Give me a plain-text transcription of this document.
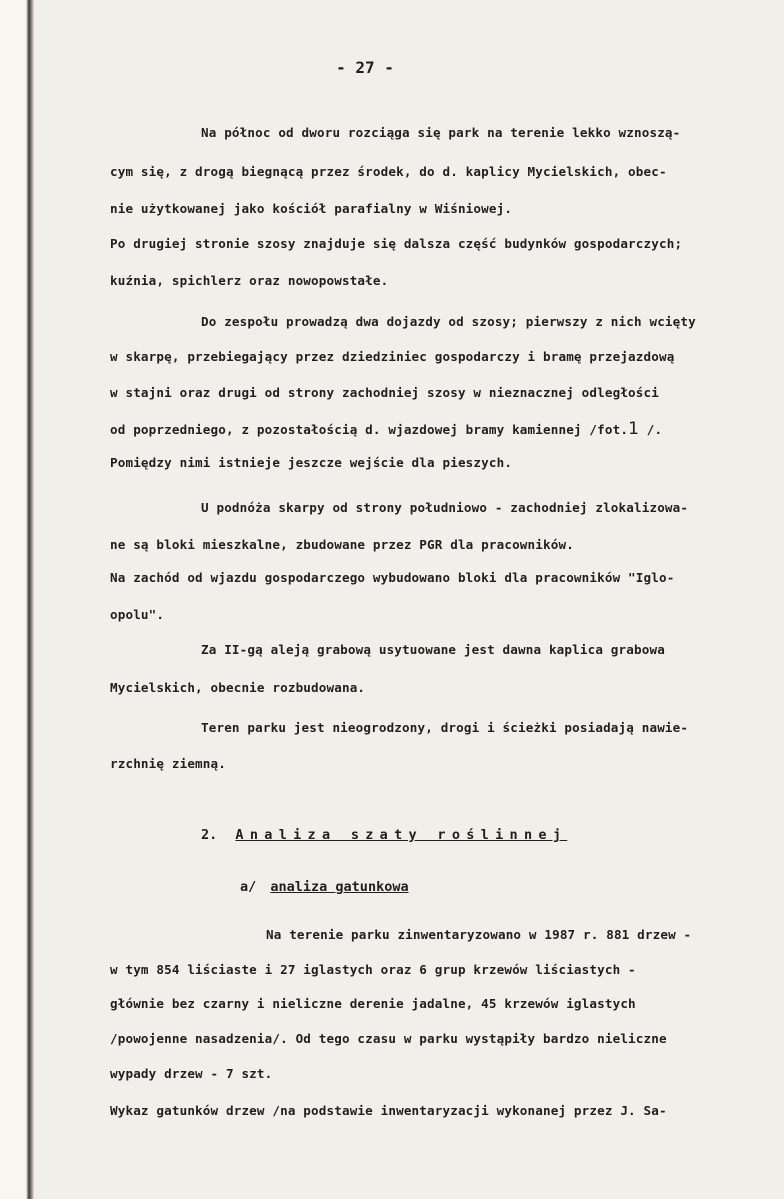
- 27 -
Na północ od dworu rozciąga się park na terenie lekko wznoszą-
cym się, z drogą biegnącą przez środek, do d. kaplicy Mycielskich, obec-
nie użytkowanej jako kościół parafialny w Wiśniowej.
Po drugiej stronie szosy znajduje się dalsza część budynków gospodarczych;
kuźnia, spichlerz oraz nowopowstałe.
Do zespołu prowadzą dwa dojazdy od szosy; pierwszy z nich wcięty
w skarpę, przebiegający przez dziedziniec gospodarczy i bramę przejazdową
w stajni oraz drugi od strony zachodniej szosy w nieznacznej odległości
od poprzedniego, z pozostałością d. wjazdowej bramy kamiennej /fot.1 /.
Pomiędzy nimi istnieje jeszcze wejście dla pieszych.
U podnóża skarpy od strony południowo - zachodniej zlokalizowa-
ne są bloki mieszkalne, zbudowane przez PGR dla pracowników.
Na zachód od wjazdu gospodarczego wybudowano bloki dla pracowników "Iglo-
opolu".
Za II-gą aleją grabową usytuowane jest dawna kaplica grabowa
Mycielskich, obecnie rozbudowana.
Teren parku jest nieogrodzony, drogi i ścieżki posiadają nawie-
rzchnię ziemną.
2. Analiza szaty roślinnej
a/ analiza gatunkowa
Na terenie parku zinwentaryzowano w 1987 r. 881 drzew -
w tym 854 liściaste i 27 iglastych oraz 6 grup krzewów liściastych -
głównie bez czarny i nieliczne derenie jadalne, 45 krzewów iglastych
/powojenne nasadzenia/. Od tego czasu w parku wystąpiły bardzo nieliczne
wypady drzew - 7 szt.
Wykaz gatunków drzew /na podstawie inwentaryzacji wykonanej przez J. Sa-
